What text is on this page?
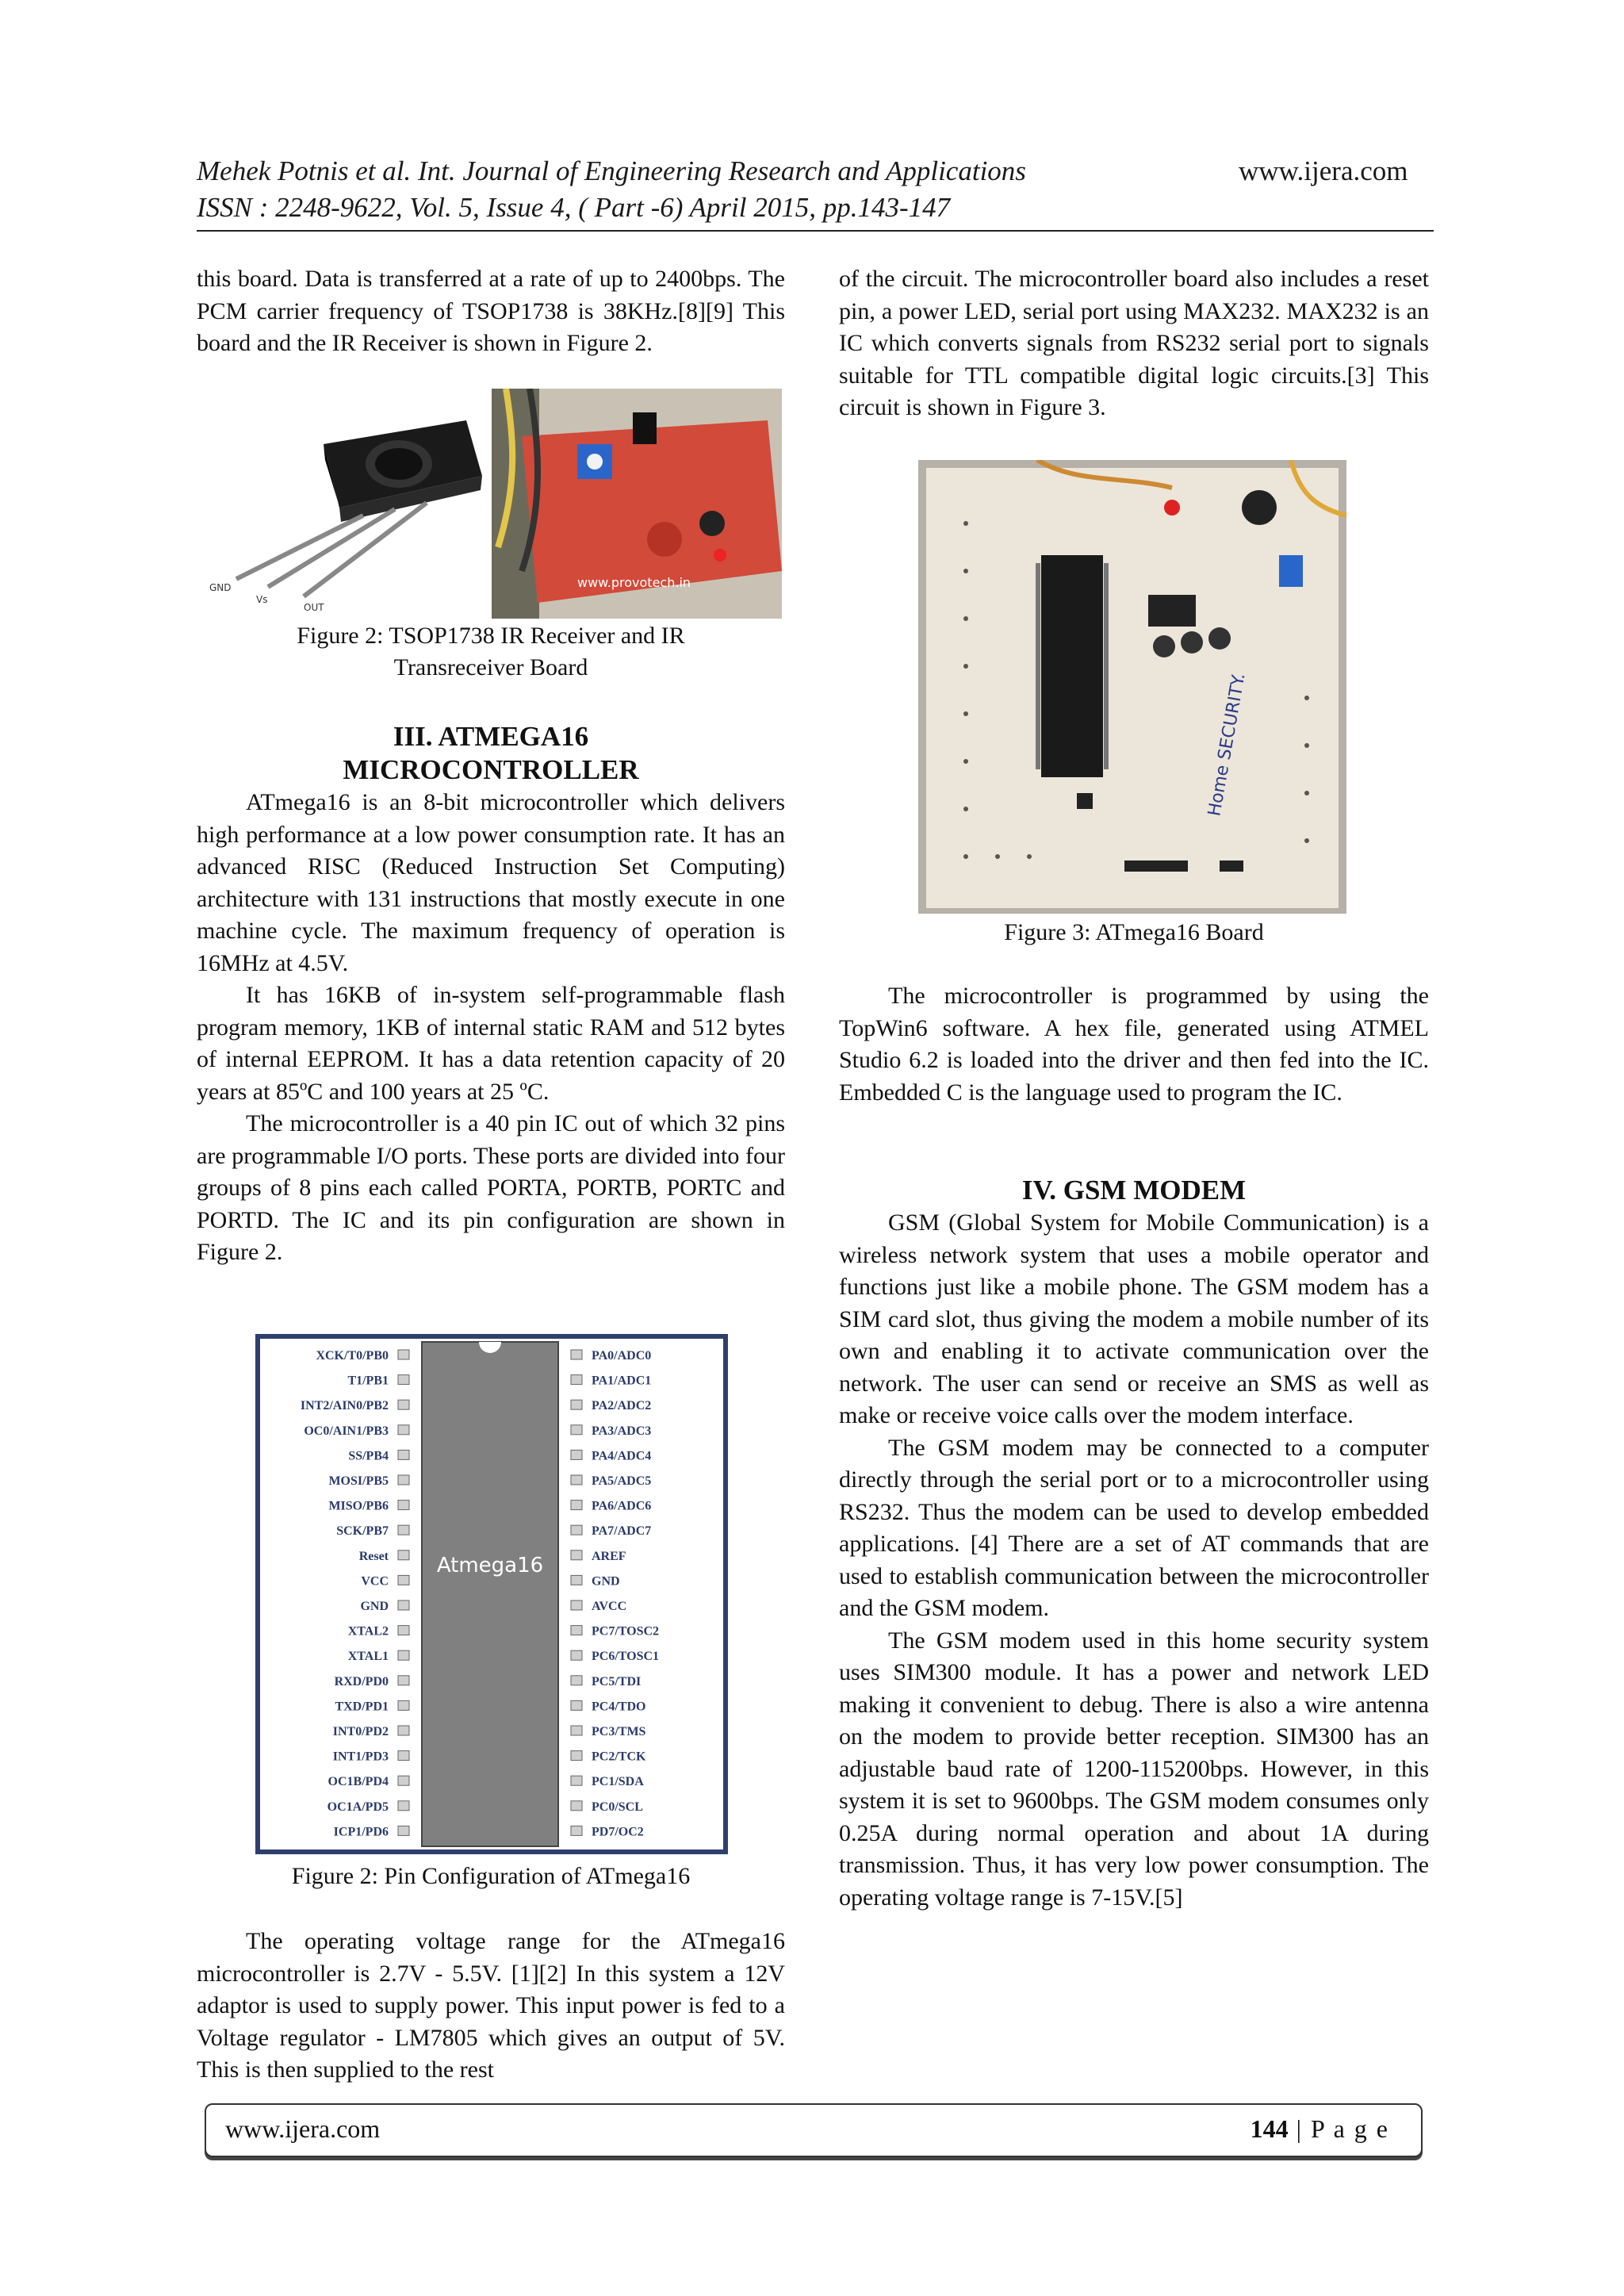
Mehek Potnis et al. Int. Journal of Engineering Research and Applications	www.ijera.com
ISSN : 2248-9622, Vol. 5, Issue 4, ( Part -6) April 2015, pp.143-147

this board. Data is transferred at a rate of up to 2400bps. The PCM carrier frequency of TSOP1738 is 38KHz.[8][9] This board and the IR Receiver is shown in Figure 2.

GND
Vs
OUT
www.provotech.in
Figure 2: TSOP1738 IR Receiver and IR Transreceiver Board
III. ATMEGA16
MICROCONTROLLER

ATmega16 is an 8-bit microcontroller which delivers high performance at a low power consumption rate. It has an advanced RISC (Reduced Instruction Set Computing) architecture with 131 instructions that mostly execute in one machine cycle. The maximum frequency of operation is 16MHz at 4.5V.

It has 16KB of in-system self-programmable flash program memory, 1KB of internal static RAM and 512 bytes of internal EEPROM. It has a data retention capacity of 20 years at 85ºC and 100 years at 25 ºC.

The microcontroller is a 40 pin IC out of which 32 pins are programmable I/O ports. These ports are divided into four groups of 8 pins each called PORTA, PORTB, PORTC and PORTD. The IC and its pin configuration are shown in Figure 2.

Atmega16
XCK/T0/PB0
T1/PB1
INT2/AIN0/PB2
OC0/AIN1/PB3
SS/PB4
MOSI/PB5
MISO/PB6
SCK/PB7
Reset
VCC
GND
XTAL2
XTAL1
RXD/PD0
TXD/PD1
INT0/PD2
INT1/PD3
OC1B/PD4
OC1A/PD5
ICP1/PD6
PA0/ADC0
PA1/ADC1
PA2/ADC2
PA3/ADC3
PA4/ADC4
PA5/ADC5
PA6/ADC6
PA7/ADC7
AREF
GND
AVCC
PC7/TOSC2
PC6/TOSC1
PC5/TDI
PC4/TDO
PC3/TMS
PC2/TCK
PC1/SDA
PC0/SCL
PD7/OC2
Figure 2: Pin Configuration of ATmega16

The operating voltage range for the ATmega16 microcontroller is 2.7V - 5.5V. [1][2] In this system a 12V adaptor is used to supply power. This input power is fed to a Voltage regulator - LM7805 which gives an output of 5V. This is then supplied to the rest

of the circuit. The microcontroller board also includes a reset pin, a power LED, serial port using MAX232. MAX232 is an IC which converts signals from RS232 serial port to signals suitable for TTL compatible digital logic circuits.[3] This circuit is shown in Figure 3.

Home SECURITY.
Figure 3: ATmega16 Board

The microcontroller is programmed by using the TopWin6 software. A hex file, generated using ATMEL Studio 6.2 is loaded into the driver and then fed into the IC. Embedded C is the language used to program the IC.

IV. GSM MODEM

GSM (Global System for Mobile Communication) is a wireless network system that uses a mobile operator and functions just like a mobile phone. The GSM modem has a SIM card slot, thus giving the modem a mobile number of its own and enabling it to activate communication over the network. The user can send or receive an SMS as well as make or receive voice calls over the modem interface.

The GSM modem may be connected to a computer directly through the serial port or to a microcontroller using RS232. Thus the modem can be used to develop embedded applications. [4] There are a set of AT commands that are used to establish communication between the microcontroller and the GSM modem.

The GSM modem used in this home security system uses SIM300 module. It has a power and network LED making it convenient to debug. There is also a wire antenna on the modem to provide better reception. SIM300 has an adjustable baud rate of 1200-115200bps. However, in this system it is set to 9600bps. The GSM modem consumes only 0.25A during normal operation and about 1A during transmission. Thus, it has very low power consumption. The operating voltage range is 7-15V.[5]

www.ijera.com	144 | P a g e
